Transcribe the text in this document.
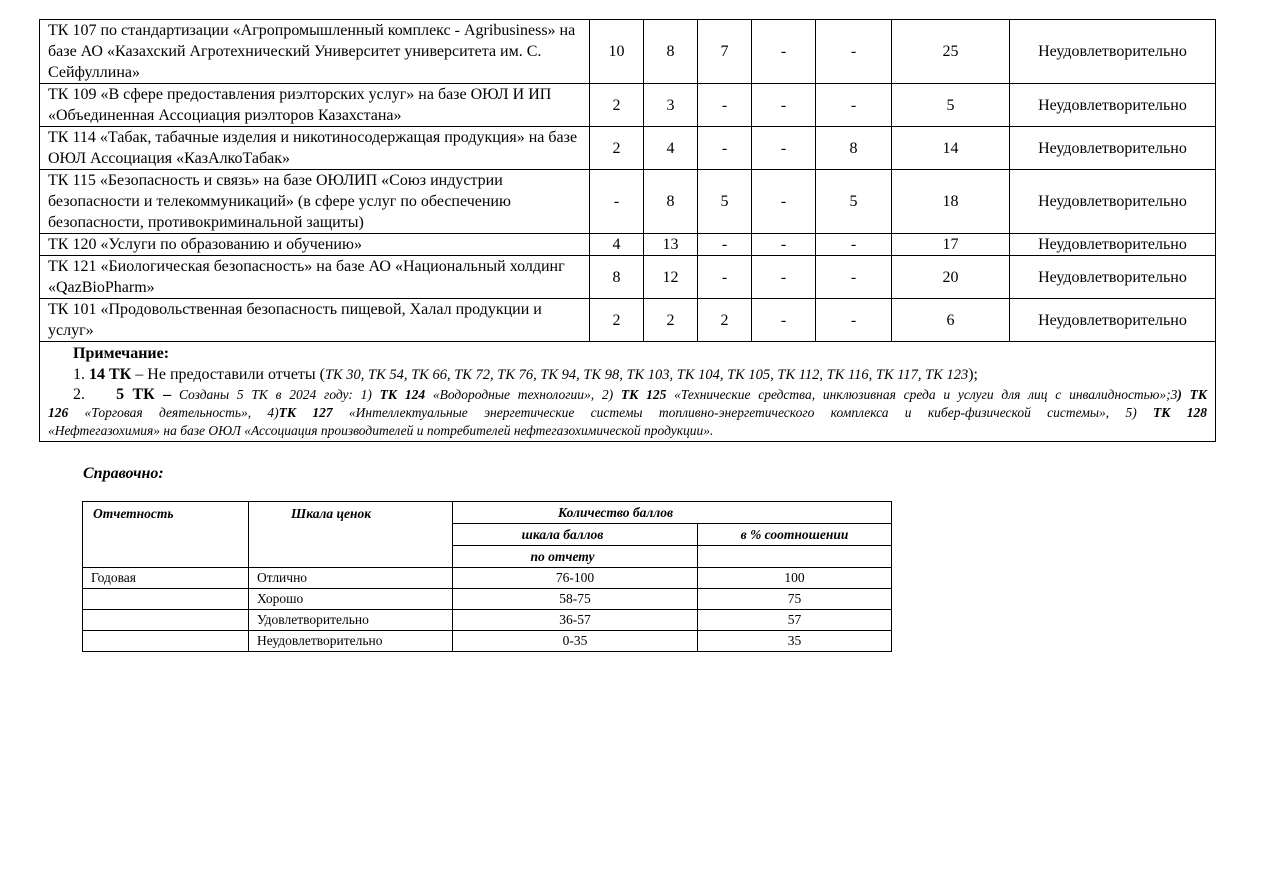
ТК 107 по стандартизации «Агропромышленный комплекс - Agribusiness» на базе АО «Казахский Агротехнический Университет университета им. С. Сейфуллина»	10	8	7	-	-	25	Неудовлетворительно
ТК 109 «В сфере предоставления риэлторских услуг» на базе ОЮЛ И ИП «Объединенная Ассоциация риэлторов Казахстана»	2	3	-	-	-	5	Неудовлетворительно
ТК 114 «Табак, табачные изделия и никотиносодержащая продукция» на базе ОЮЛ Ассоциация «КазАлкоТабак»	2	4	-	-	8	14	Неудовлетворительно
ТК 115 «Безопасность и связь» на базе ОЮЛИП «Союз индустрии безопасности и телекоммуникаций» (в сфере услуг по обеспечению безопасности, противокриминальной защиты)	-	8	5	-	5	18	Неудовлетворительно
ТК 120 «Услуги по образованию и обучению»	4	13	-	-	-	17	Неудовлетворительно
ТК 121 «Биологическая безопасность» на базе АО «Национальный холдинг «QazBioPharm»	8	12	-	-	-	20	Неудовлетворительно
ТК 101 «Продовольственная безопасность пищевой, Халал продукции и услуг»	2	2	2	-	-	6	Неудовлетворительно

Примечание:
1. 14 ТК – Не предоставили отчеты (ТК 30, ТК 54, ТК 66, ТК 72, ТК 76, ТК 94, ТК 98, ТК 103, ТК 104, ТК 105, ТК 112, ТК 116, ТК 117, ТК 123);
2. 5 ТК – Созданы 5 ТК в 2024 году: 1) ТК 124 «Водородные технологии», 2) ТК 125 «Технические средства, инклюзивная среда и услуги для лиц с инвалидностью»;3) ТК
126 «Торговая деятельность», 4)ТК 127 «Интеллектуальные энергетические системы топливно-энергетического комплекса и кибер-физической системы», 5) ТК 128
«Нефтегазохимия» на базе ОЮЛ «Ассоциация производителей и потребителей нефтегазохимической продукции».							
Справочно:
Отчетность	Шкала ценок	Количество баллов	
		шкала баллов	в % соотношении
		по отчету	
Годовая	Отлично	76-100	100
	Хорошо	58-75	75
	Удовлетворительно	36-57	57
	Неудовлетворительно	0-35	35
